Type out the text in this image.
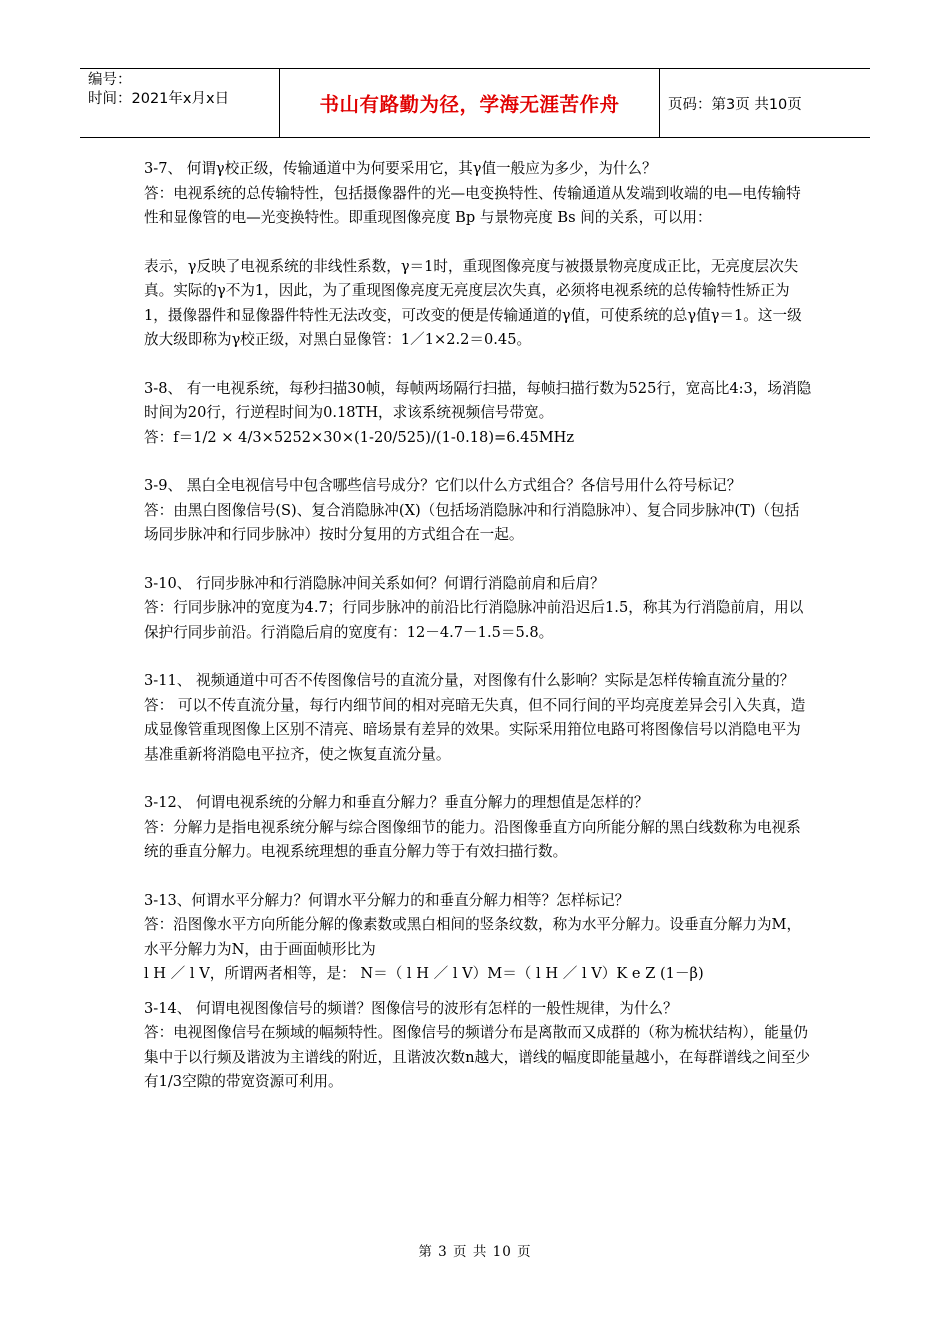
编号：
时间：2021年x月x日	书山有路勤为径，学海无涯苦作舟	页码：第3页 共10页

3-7、 何谓γ校正级，传输通道中为何要采用它，其γ值一般应为多少，为什么？

答：电视系统的总传输特性，包括摄像器件的光—电变换特性、传输通道从发端到收端的电—电传输特性和显像管的电—光变换特性。即重现图像亮度 Bp 与景物亮度 Bs 间的关系，可以用：

表示，γ反映了电视系统的非线性系数，γ＝1时，重现图像亮度与被摄景物亮度成正比，无亮度层次失真。实际的γ不为1，因此，为了重现图像亮度无亮度层次失真，必须将电视系统的总传输特性矫正为1，摄像器件和显像器件特性无法改变，可改变的便是传输通道的γ值，可使系统的总γ值γ＝1。这一级放大级即称为γ校正级，对黑白显像管：1／1×2.2＝0.45。

3-8、 有一电视系统，每秒扫描30帧，每帧两场隔行扫描，每帧扫描行数为525行，宽高比4:3，场消隐时间为20行，行逆程时间为0.18TH，求该系统视频信号带宽。

答：f＝1/2 × 4/3×5252×30×(1-20/525)/(1-0.18)=6.45MHz

3-9、 黑白全电视信号中包含哪些信号成分？它们以什么方式组合？各信号用什么符号标记？

答：由黑白图像信号(S)、复合消隐脉冲(X)（包括场消隐脉冲和行消隐脉冲）、复合同步脉冲(T)（包括场同步脉冲和行同步脉冲）按时分复用的方式组合在一起。

3-10、 行同步脉冲和行消隐脉冲间关系如何？何谓行消隐前肩和后肩？

答：行同步脉冲的宽度为4.7；行同步脉冲的前沿比行消隐脉冲前沿迟后1.5，称其为行消隐前肩，用以保护行同步前沿。行消隐后肩的宽度有：12－4.7－1.5＝5.8。

3-11、 视频通道中可否不传图像信号的直流分量，对图像有什么影响？实际是怎样传输直流分量的？

答： 可以不传直流分量，每行内细节间的相对亮暗无失真，但不同行间的平均亮度差异会引入失真，造成显像管重现图像上区别不清亮、暗场景有差异的效果。实际采用箝位电路可将图像信号以消隐电平为基准重新将消隐电平拉齐，使之恢复直流分量。

3-12、 何谓电视系统的分解力和垂直分解力？垂直分解力的理想值是怎样的？

答：分解力是指电视系统分解与综合图像细节的能力。沿图像垂直方向所能分解的黑白线数称为电视系统的垂直分解力。电视系统理想的垂直分解力等于有效扫描行数。

3-13、何谓水平分解力？何谓水平分解力的和垂直分解力相等？怎样标记？

答：沿图像水平方向所能分解的像素数或黑白相间的竖条纹数，称为水平分解力。设垂直分解力为M，水平分解力为N，由于画面帧形比为

l H ／ l V，所谓两者相等，是： N＝（ l H ／ l V）M＝（ l H ／ l V）K e Z (1－β)

3-14、 何谓电视图像信号的频谱？图像信号的波形有怎样的一般性规律，为什么？

答：电视图像信号在频域的幅频特性。图像信号的频谱分布是离散而又成群的（称为梳状结构），能量仍集中于以行频及谐波为主谱线的附近，且谐波次数n越大，谱线的幅度即能量越小，在每群谱线之间至少有1/3空隙的带宽资源可利用。

第 3 页 共 10 页
